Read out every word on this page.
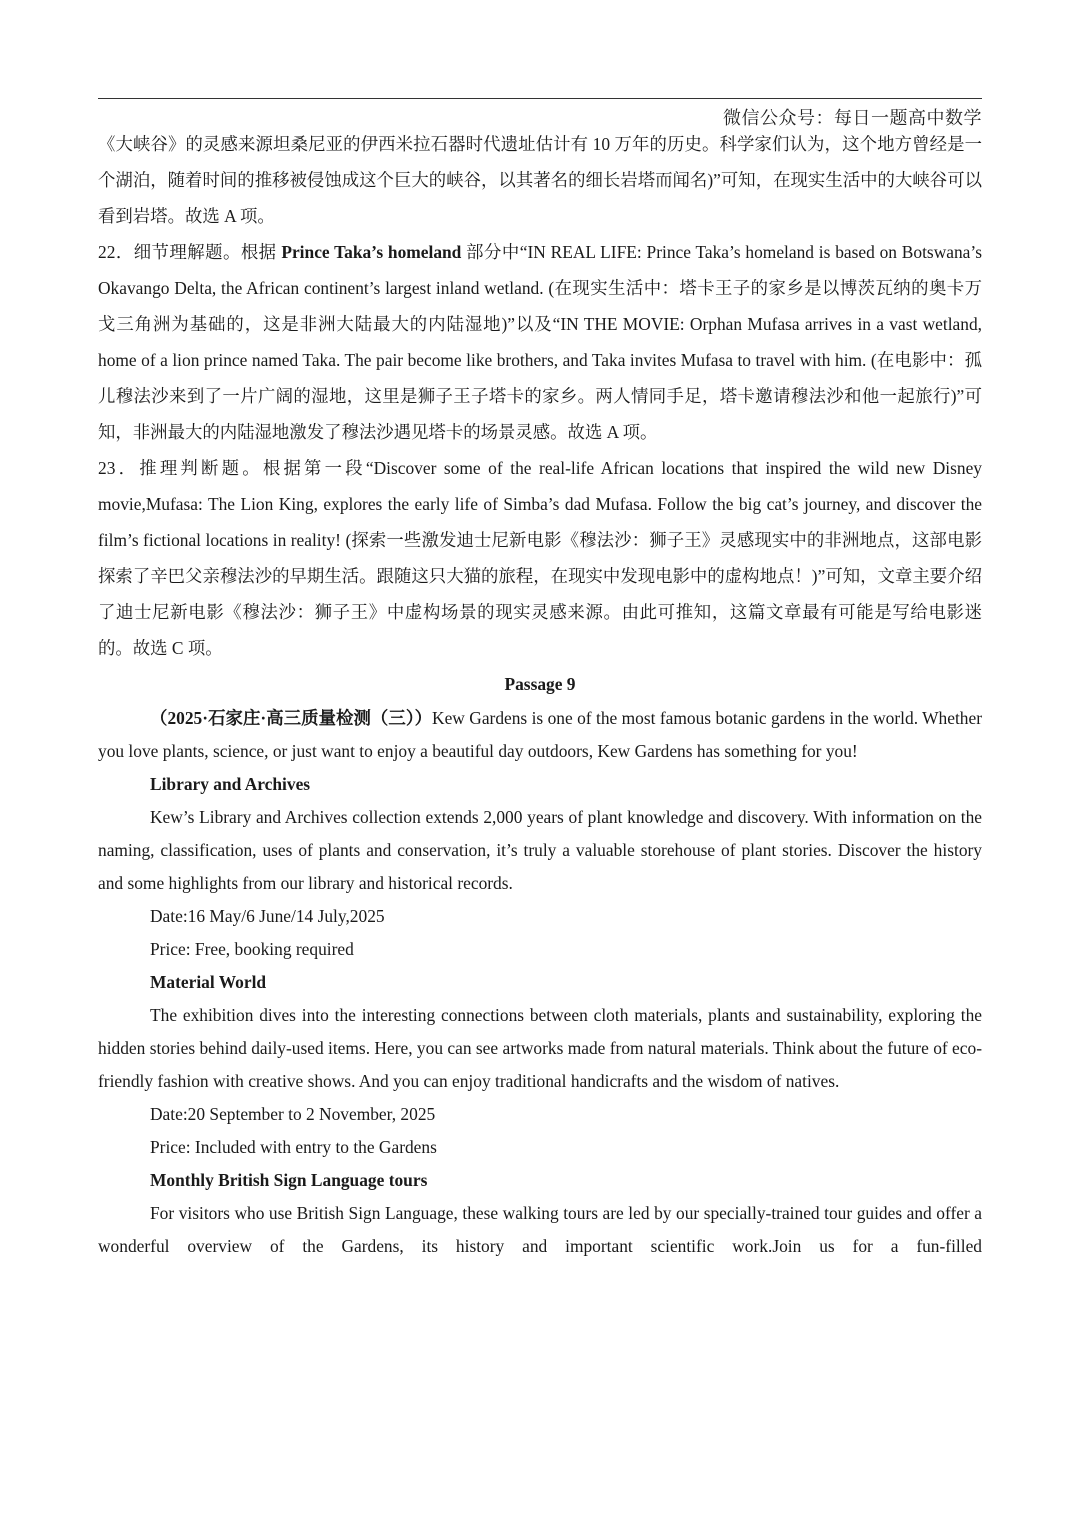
微信公众号：每日一题高中数学

《大峡谷》的灵感来源坦桑尼亚的伊西米拉石器时代遗址估计有 10 万年的历史。科学家们认为，这个地方曾经是一个湖泊，随着时间的推移被侵蚀成这个巨大的峡谷，以其著名的细长岩塔而闻名)”可知，在现实生活中的大峡谷可以看到岩塔。故选 A 项。

22．细节理解题。根据 Prince Taka’s homeland 部分中“IN REAL LIFE: Prince Taka’s homeland is based on Botswana’s Okavango Delta, the African continent’s largest inland wetland. (在现实生活中：塔卡王子的家乡是以博茨瓦纳的奥卡万戈三角洲为基础的，这是非洲大陆最大的内陆湿地)”以及“IN THE MOVIE: Orphan Mufasa arrives in a vast wetland, home of a lion prince named Taka. The pair become like brothers, and Taka invites Mufasa to travel with him. (在电影中：孤儿穆法沙来到了一片广阔的湿地，这里是狮子王子塔卡的家乡。两人情同手足，塔卡邀请穆法沙和他一起旅行)”可知，非洲最大的内陆湿地激发了穆法沙遇见塔卡的场景灵感。故选 A 项。

23．推理判断题。根据第一段“Discover some of the real-life African locations that inspired the wild new Disney movie,Mufasa: The Lion King, explores the early life of Simba’s dad Mufasa. Follow the big cat’s journey, and discover the film’s fictional locations in reality! (探索一些激发迪士尼新电影《穆法沙：狮子王》灵感现实中的非洲地点，这部电影探索了辛巴父亲穆法沙的早期生活。跟随这只大猫的旅程，在现实中发现电影中的虚构地点！)”可知，文章主要介绍了迪士尼新电影《穆法沙：狮子王》中虚构场景的现实灵感来源。由此可推知，这篇文章最有可能是写给电影迷的。故选 C 项。

Passage 9

（2025·石家庄·高三质量检测（三））Kew Gardens is one of the most famous botanic gardens in the world. Whether you love plants, science, or just want to enjoy a beautiful day outdoors, Kew Gardens has something for you!

Library and Archives

Kew’s Library and Archives collection extends 2,000 years of plant knowledge and discovery. With information on the naming, classification, uses of plants and conservation, it’s truly a valuable storehouse of plant stories. Discover the history and some highlights from our library and historical records.

Date:16 May/6 June/14 July,2025

Price: Free, booking required

Material World

The exhibition dives into the interesting connections between cloth materials, plants and sustainability, exploring the hidden stories behind daily-used items. Here, you can see artworks made from natural materials. Think about the future of eco-friendly fashion with creative shows. And you can enjoy traditional handicrafts and the wisdom of natives.

Date:20 September to 2 November, 2025

Price: Included with entry to the Gardens

Monthly British Sign Language tours

For visitors who use British Sign Language, these walking tours are led by our specially-trained tour guides and offer a wonderful overview of the Gardens, its history and important scientific work.Join us for a fun-filled
